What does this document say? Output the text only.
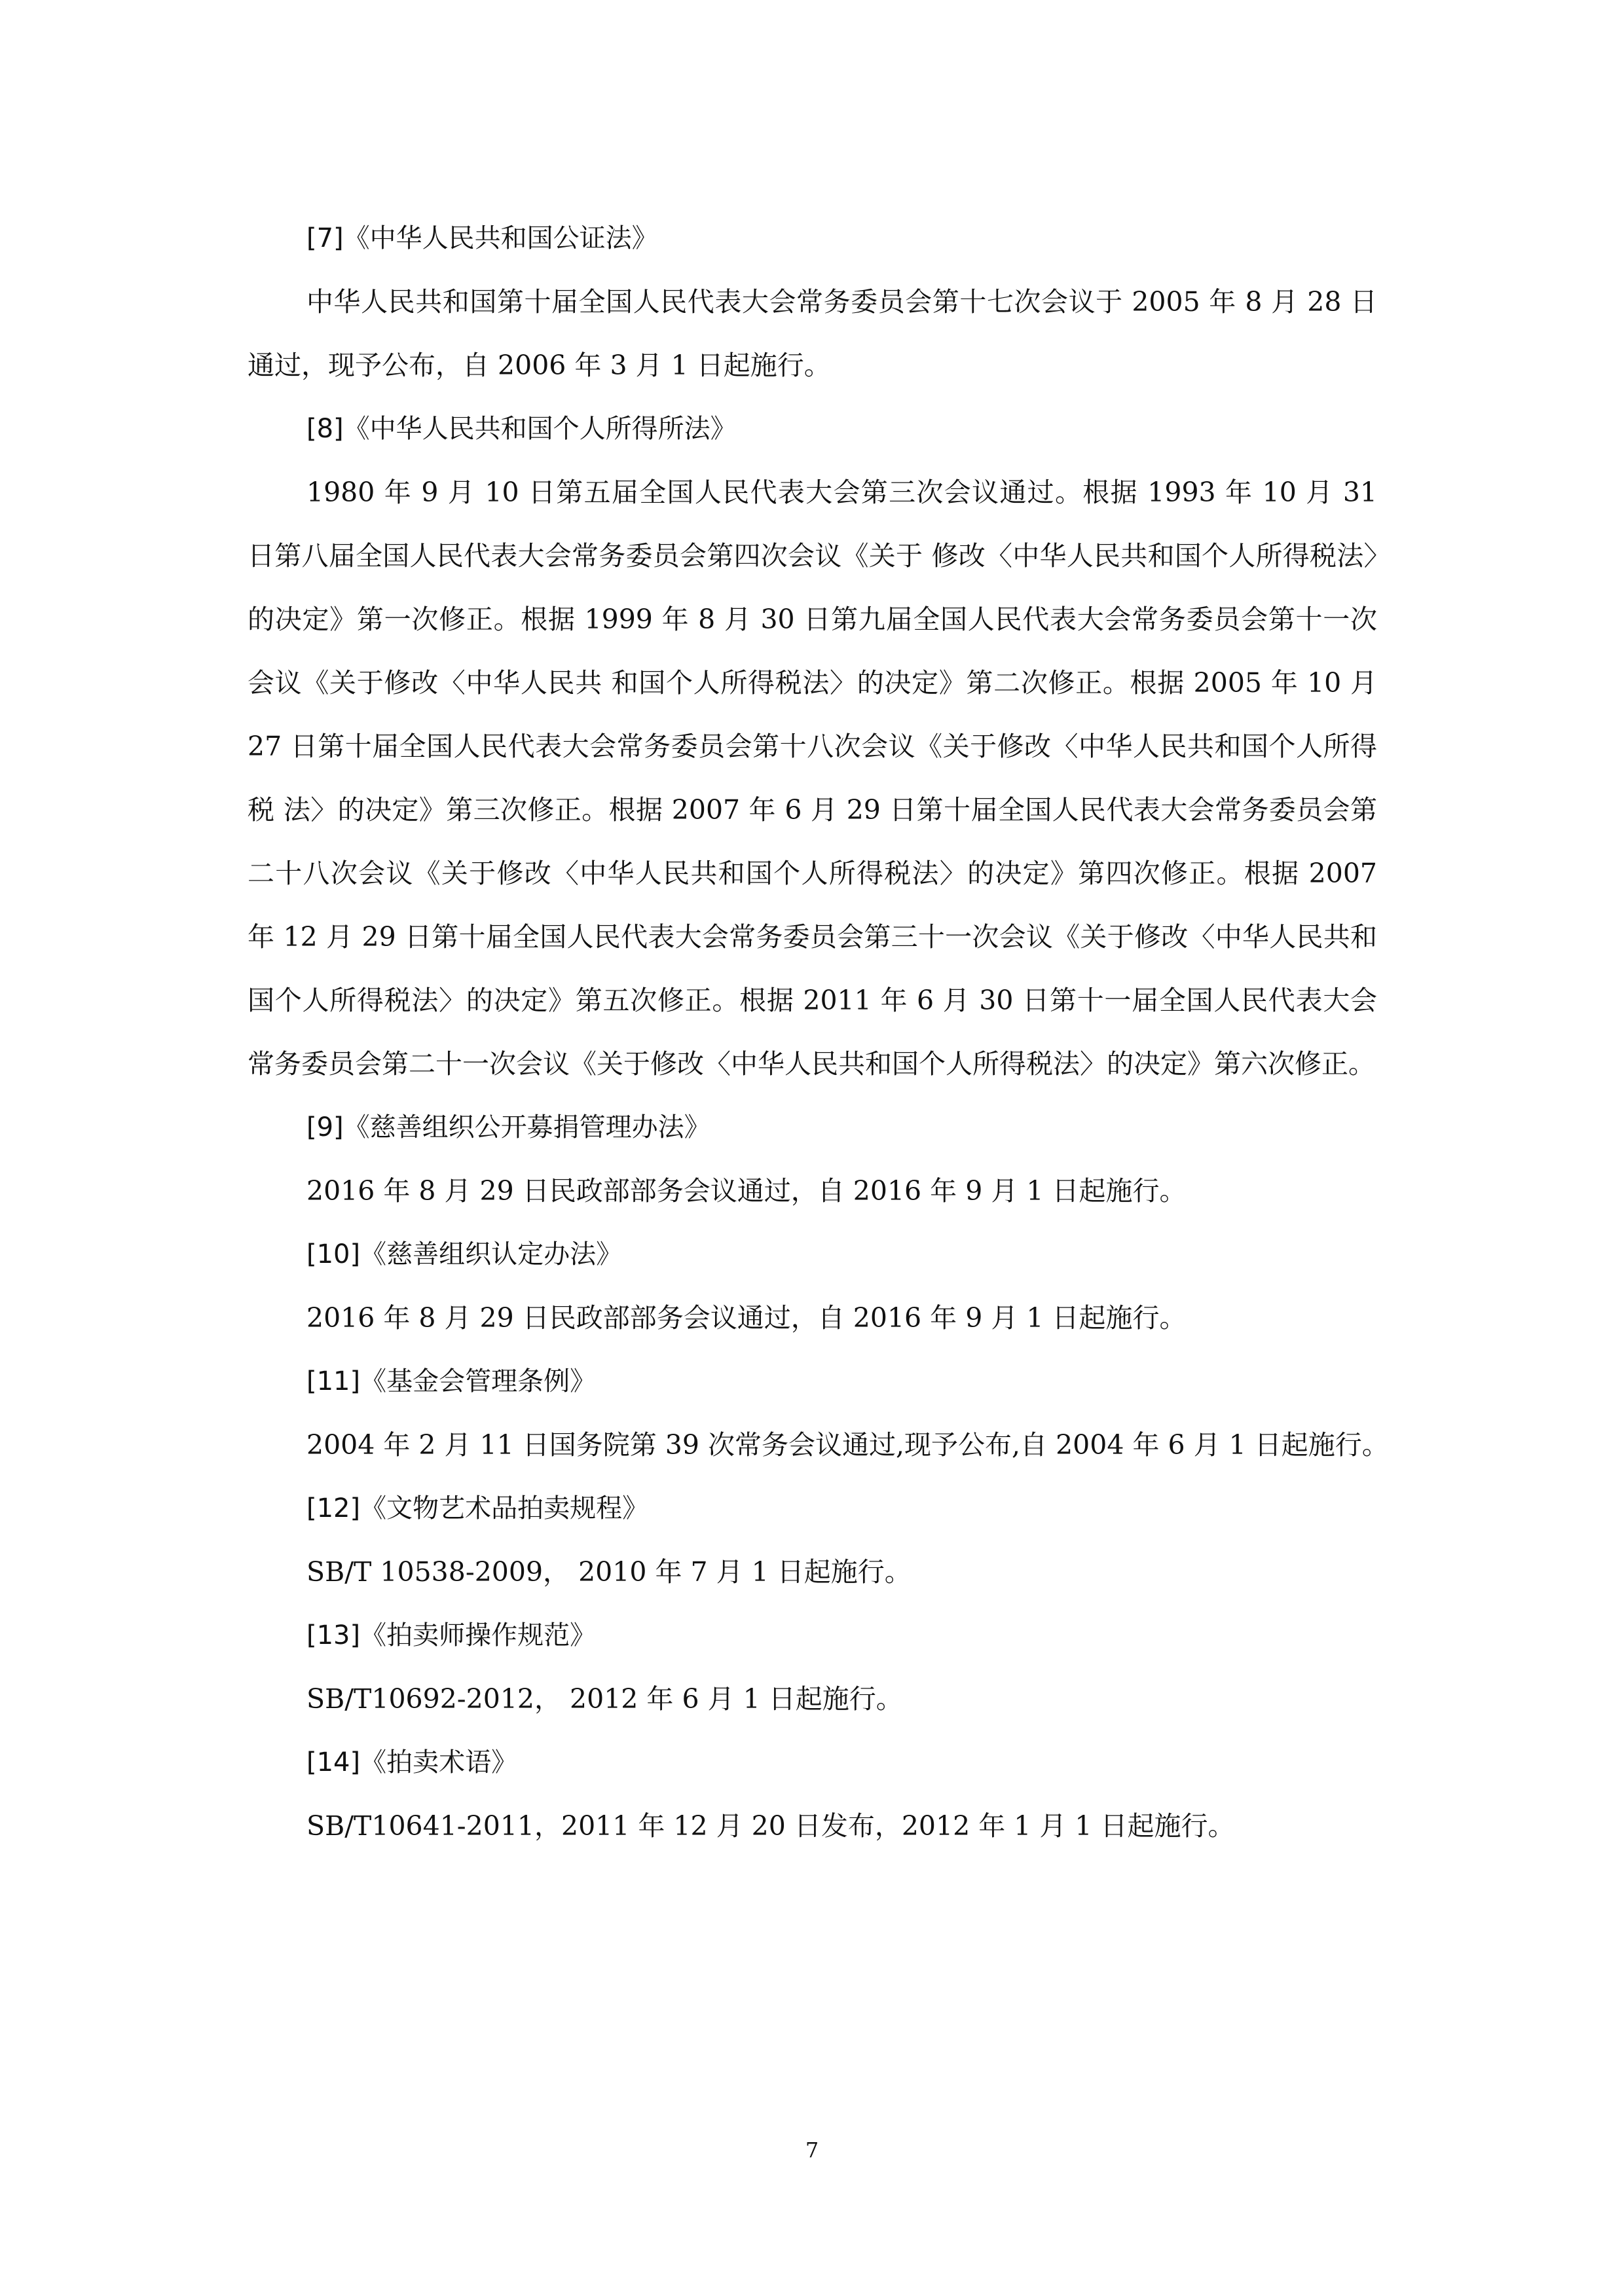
[7]《中华人民共和国公证法》

中华人民共和国第十届全国人民代表大会常务委员会第十七次会议于 2005 年 8 月 28 日通过，现予公布，自 2006 年 3 月 1 日起施行。

[8]《中华人民共和国个人所得所法》

1980 年 9 月 10 日第五届全国人民代表大会第三次会议通过。根据 1993 年 10 月 31 日第八届全国人民代表大会常务委员会第四次会议《关于 修改〈中华人民共和国个人所得税法〉的决定》第一次修正。根据 1999 年 8 月 30 日第九届全国人民代表大会常务委员会第十一次会议《关于修改〈中华人民共 和国个人所得税法〉的决定》第二次修正。根据 2005 年 10 月 27 日第十届全国人民代表大会常务委员会第十八次会议《关于修改〈中华人民共和国个人所得税 法〉的决定》第三次修正。根据 2007 年 6 月 29 日第十届全国人民代表大会常务委员会第二十八次会议《关于修改〈中华人民共和国个人所得税法〉的决定》第四次修正。根据 2007 年 12 月 29 日第十届全国人民代表大会常务委员会第三十一次会议《关于修改〈中华人民共和国个人所得税法〉的决定》第五次修正。根据 2011 年 6 月 30 日第十一届全国人民代表大会常务委员会第二十一次会议《关于修改〈中华人民共和国个人所得税法〉的决定》第六次修正。

[9]《慈善组织公开募捐管理办法》

2016 年 8 月 29 日民政部部务会议通过，自 2016 年 9 月 1 日起施行。

[10]《慈善组织认定办法》

2016 年 8 月 29 日民政部部务会议通过，自 2016 年 9 月 1 日起施行。

[11]《基金会管理条例》

2004 年 2 月 11 日国务院第 39 次常务会议通过,现予公布,自 2004 年 6 月 1 日起施行。

[12]《文物艺术品拍卖规程》

SB/T 10538-2009， 2010 年 7 月 1 日起施行。

[13]《拍卖师操作规范》

SB/T10692-2012， 2012 年 6 月 1 日起施行。

[14]《拍卖术语》

SB/T10641-2011，2011 年 12 月 20 日发布，2012 年 1 月 1 日起施行。

7
